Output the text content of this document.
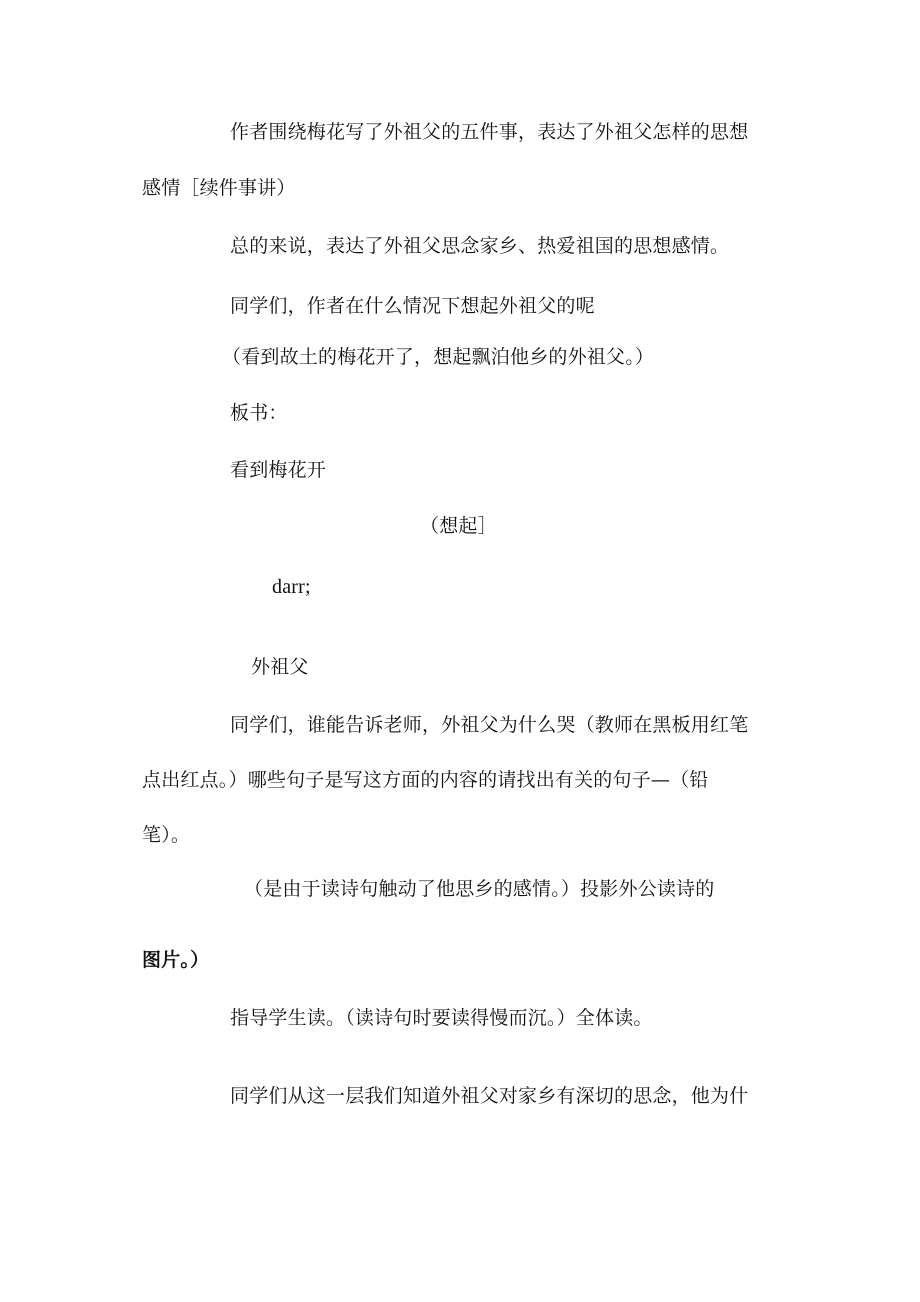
作者围绕梅花写了外祖父的五件事，表达了外祖父怎样的思想
感情［续件事讲）
总的来说，表达了外祖父思念家乡、热爱祖国的思想感情。
同学们，作者在什么情况下想起外祖父的呢
（看到故土的梅花开了，想起飘泊他乡的外祖父。）
板书：
看到梅花开
（想起］
darr;
外祖父
同学们，谁能告诉老师，外祖父为什么哭（教师在黑板用红笔
点出红点。）哪些句子是写这方面的内容的请找出有关的句子—（铅
笔）。
（是由于读诗句触动了他思乡的感情。）投影外公读诗的
图片。）
指导学生读。（读诗句时要读得慢而沉。）全体读。
同学们从这一层我们知道外祖父对家乡有深切的思念，他为什
